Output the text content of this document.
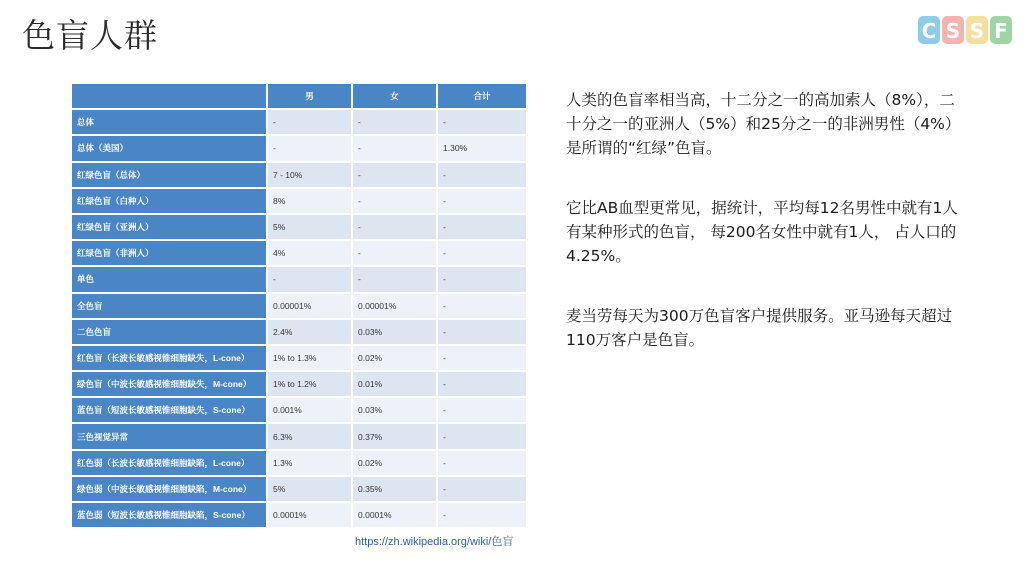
色盲人群	C S S F
	男	女	合计
总体	-	-	-
总体（美国）	-	-	1.30%
红绿色盲（总体）	7 - 10%	-	-
红绿色盲（白种人）	8%	-	-
红绿色盲（亚洲人）	5%	-	-
红绿色盲（非洲人）	4%	-	-
单色	-	-	-
全色盲	0.00001%	0.00001%	-
二色色盲	2.4%	0.03%	-
红色盲（长波长敏感视锥细胞缺失，L-cone）	1% to 1.3%	0.02%	-
绿色盲（中波长敏感视锥细胞缺失，M-cone）	1% to 1.2%	0.01%	-
蓝色盲（短波长敏感视锥细胞缺失，S-cone）	0.001%	0.03%	-
三色视觉异常	6.3%	0.37%	-
红色弱（长波长敏感视锥细胞缺陷，L-cone）	1.3%	0.02%	-
绿色弱（中波长敏感视锥细胞缺陷，M-cone）	5%	0.35%	-
蓝色弱（短波长敏感视锥细胞缺陷，S-cone）	0.0001%	0.0001%	-
https://zh.wikipedia.org/wiki/色盲
人类的色盲率相当高，十二分之一的高加索人（8%），二十分之一的亚洲人（5%）和25分之一的非洲男性（4%）是所谓的“红绿”色盲。
它比AB血型更常见，据统计，平均每12名男性中就有1人有某种形式的色盲， 每200名女性中就有1人， 占人口的4.25%。
麦当劳每天为300万色盲客户提供服务。亚马逊每天超过110万客户是色盲。
